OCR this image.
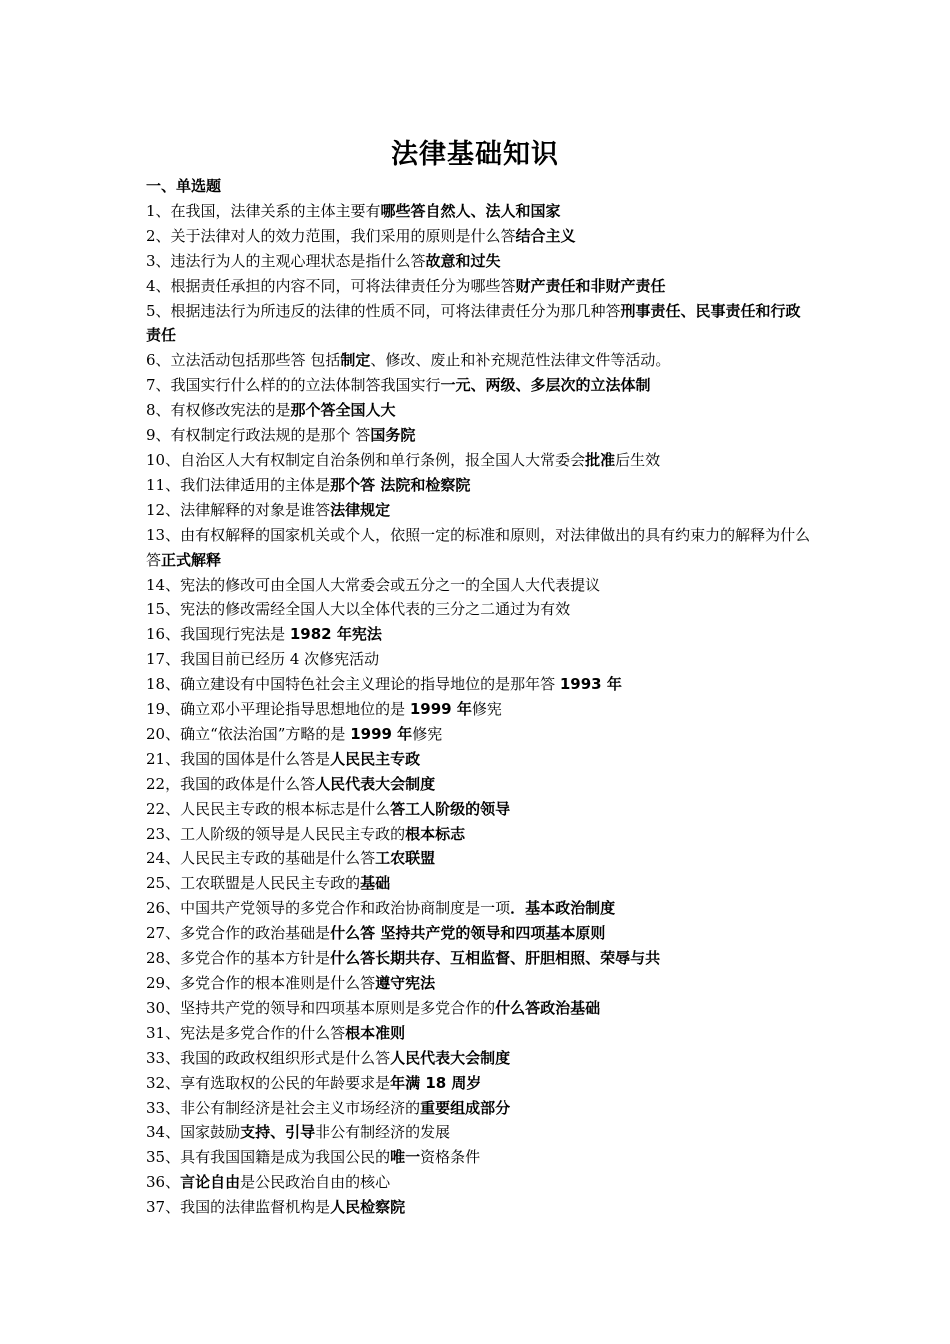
法律基础知识
一、单选题
1、在我国，法律关系的主体主要有哪些答自然人、法人和国家
2、关于法律对人的效力范围，我们采用的原则是什么答结合主义
3、违法行为人的主观心理状态是指什么答故意和过失
4、根据责任承担的内容不同，可将法律责任分为哪些答财产责任和非财产责任
5、根据违法行为所违反的法律的性质不同，可将法律责任分为那几种答刑事责任、民事责任和行政责任
6、立法活动包括那些答 包括制定、修改、废止和补充规范性法律文件等活动。
7、我国实行什么样的的立法体制答我国实行一元、两级、多层次的立法体制
8、有权修改宪法的是那个答全国人大
9、有权制定行政法规的是那个 答国务院
10、自治区人大有权制定自治条例和单行条例，报全国人大常委会批准后生效
11、我们法律适用的主体是那个答 法院和检察院
12、法律解释的对象是谁答法律规定
13、由有权解释的国家机关或个人，依照一定的标准和原则，对法律做出的具有约束力的解释为什么答正式解释
14、宪法的修改可由全国人大常委会或五分之一的全国人大代表提议
15、宪法的修改需经全国人大以全体代表的三分之二通过为有效
16、我国现行宪法是 1982 年宪法
17、我国目前已经历 4 次修宪活动
18、确立建设有中国特色社会主义理论的指导地位的是那年答 1993 年
19、确立邓小平理论指导思想地位的是 1999 年修宪
20、确立“依法治国”方略的是 1999 年修宪
21、我国的国体是什么答是人民民主专政
22，我国的政体是什么答人民代表大会制度
22、人民民主专政的根本标志是什么答工人阶级的领导
23、工人阶级的领导是人民民主专政的根本标志
24、人民民主专政的基础是什么答工农联盟
25、工农联盟是人民民主专政的基础
26、中国共产党领导的多党合作和政治协商制度是一项．基本政治制度
27、多党合作的政治基础是什么答 坚持共产党的领导和四项基本原则
28、多党合作的基本方针是什么答长期共存、互相监督、肝胆相照、荣辱与共
29、多党合作的根本准则是什么答遵守宪法
30、坚持共产党的领导和四项基本原则是多党合作的什么答政治基础
31、宪法是多党合作的什么答根本准则
33、我国的政政权组织形式是什么答人民代表大会制度
32、享有选取权的公民的年龄要求是年满 18 周岁
33、非公有制经济是社会主义市场经济的重要组成部分
34、国家鼓励支持、引导非公有制经济的发展
35、具有我国国籍是成为我国公民的唯一资格条件
36、言论自由是公民政治自由的核心
37、我国的法律监督机构是人民检察院
